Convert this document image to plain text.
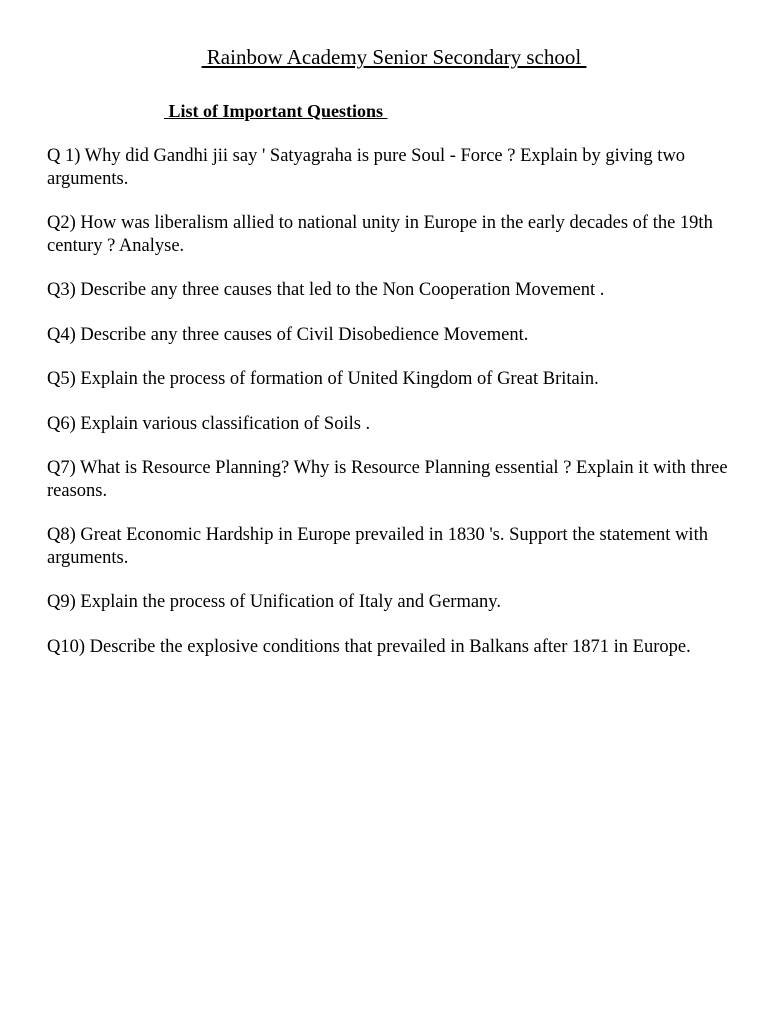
Rainbow Academy Senior Secondary school
List of Important Questions
Q 1) Why did Gandhi jii say ' Satyagraha is pure Soul - Force ? Explain by giving two arguments.
Q2) How was liberalism allied to national unity in Europe in the early decades of the 19th century ? Analyse.
Q3) Describe any three causes that led to the Non Cooperation Movement .
Q4) Describe any three causes of Civil Disobedience Movement.
Q5) Explain the process of formation of United Kingdom of Great Britain.
Q6) Explain various classification of Soils .
Q7) What is Resource Planning? Why is Resource Planning essential ? Explain it with three reasons.
Q8) Great Economic Hardship in Europe prevailed in 1830 's. Support the statement with arguments.
Q9) Explain the process of Unification of Italy and Germany.
Q10) Describe the explosive conditions that prevailed in Balkans after 1871 in Europe.
